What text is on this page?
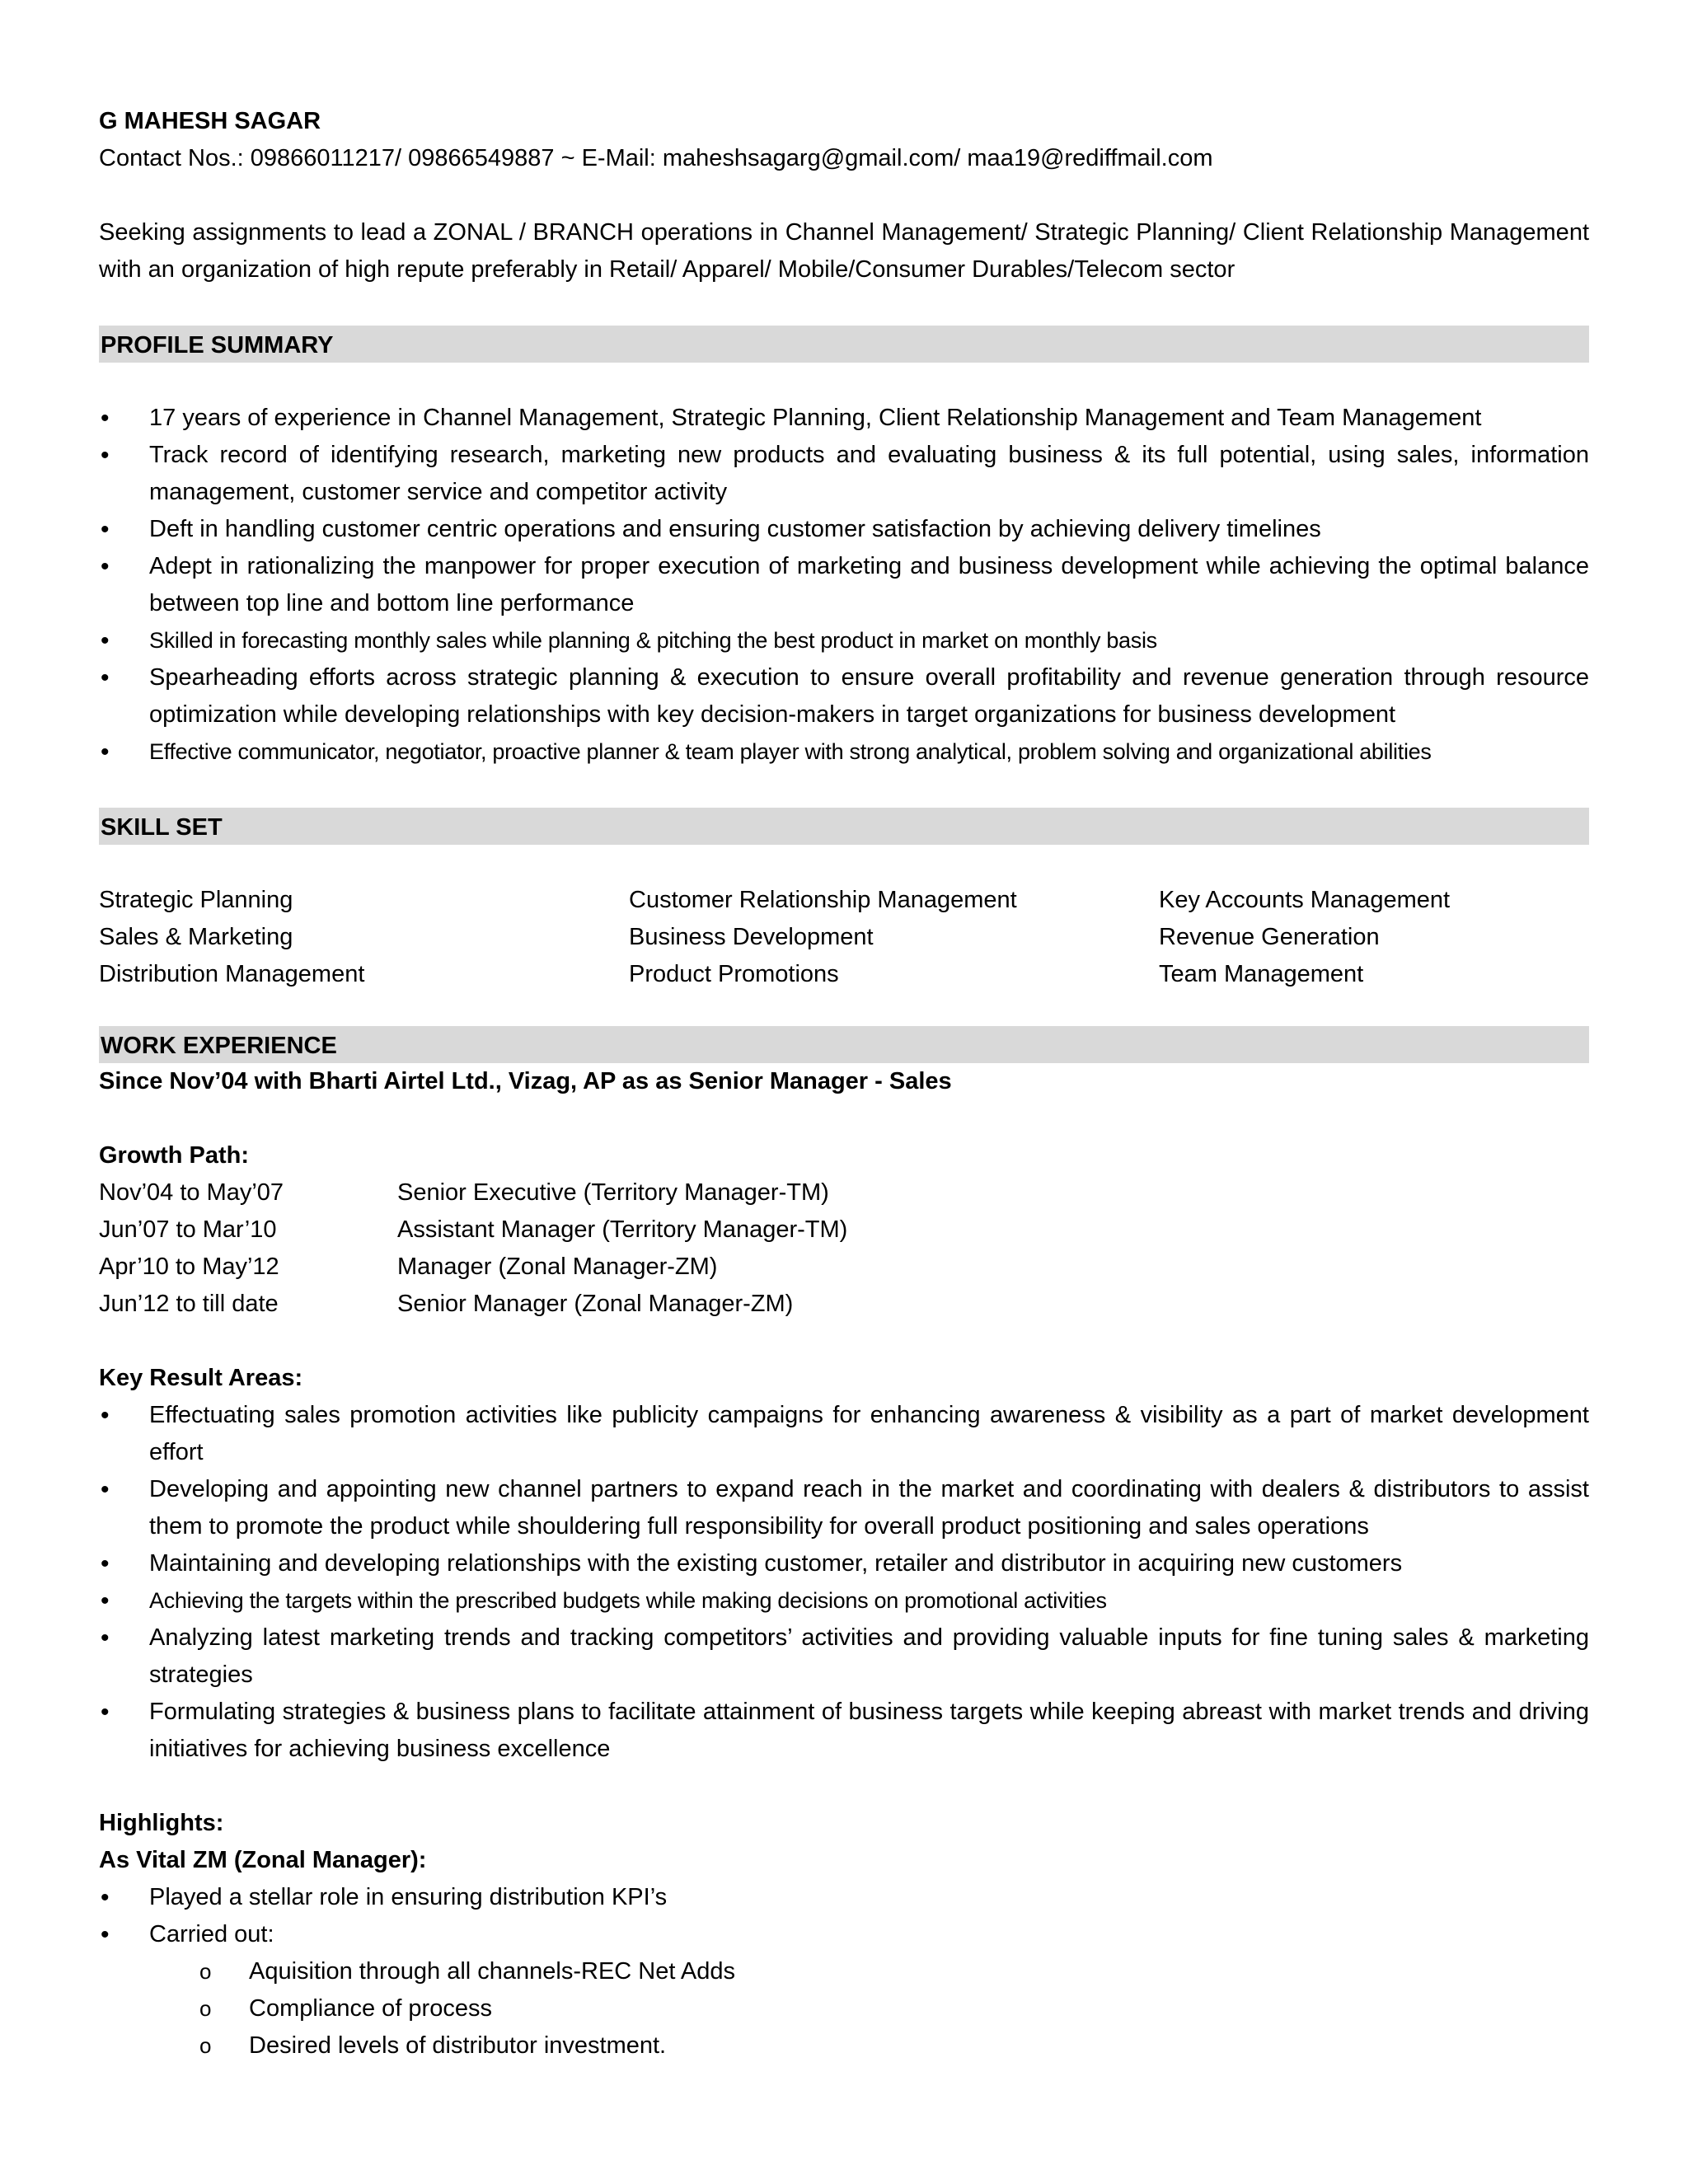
G MAHESH SAGAR
Contact Nos.: 09866011217/ 09866549887 ~ E-Mail: maheshsagarg@gmail.com/ maa19@rediffmail.com
Seeking assignments to lead a ZONAL / BRANCH operations in Channel Management/ Strategic Planning/ Client Relationship Management with an organization of high repute preferably in Retail/ Apparel/ Mobile/Consumer Durables/Telecom sector
PROFILE SUMMARY
• 17 years of experience in Channel Management, Strategic Planning, Client Relationship Management and Team Management
• Track record of identifying research, marketing new products and evaluating business & its full potential, using sales, information management, customer service and competitor activity
• Deft in handling customer centric operations and ensuring customer satisfaction by achieving delivery timelines
• Adept in rationalizing the manpower for proper execution of marketing and business development while achieving the optimal balance between top line and bottom line performance
• Skilled in forecasting monthly sales while planning & pitching the best product in market on monthly basis
• Spearheading efforts across strategic planning & execution to ensure overall profitability and revenue generation through resource optimization while developing relationships with key decision-makers in target organizations for business development
• Effective communicator, negotiator, proactive planner & team player with strong analytical, problem solving and organizational abilities
SKILL SET
Strategic Planning	Customer Relationship Management	Key Accounts Management
Sales & Marketing	Business Development	Revenue Generation
Distribution Management	Product Promotions	Team Management
WORK EXPERIENCE
Since Nov’04 with Bharti Airtel Ltd., Vizag, AP as as Senior Manager - Sales
Growth Path:
Nov’04 to May’07	Senior Executive (Territory Manager-TM)
Jun’07 to Mar’10	Assistant Manager (Territory Manager-TM)
Apr’10 to May’12	Manager (Zonal Manager-ZM)
Jun’12 to till date	Senior Manager (Zonal Manager-ZM)
Key Result Areas:
• Effectuating sales promotion activities like publicity campaigns for enhancing awareness & visibility as a part of market development effort
• Developing and appointing new channel partners to expand reach in the market and coordinating with dealers & distributors to assist them to promote the product while shouldering full responsibility for overall product positioning and sales operations
• Maintaining and developing relationships with the existing customer, retailer and distributor in acquiring new customers
• Achieving the targets within the prescribed budgets while making decisions on promotional activities
• Analyzing latest marketing trends and tracking competitors’ activities and providing valuable inputs for fine tuning sales & marketing strategies
• Formulating strategies & business plans to facilitate attainment of business targets while keeping abreast with market trends and driving initiatives for achieving business excellence
Highlights:
As Vital ZM (Zonal Manager):
• Played a stellar role in ensuring distribution KPI’s
• Carried out:
o Aquisition through all channels-REC Net Adds
o Compliance of process
o Desired levels of distributor investment.
